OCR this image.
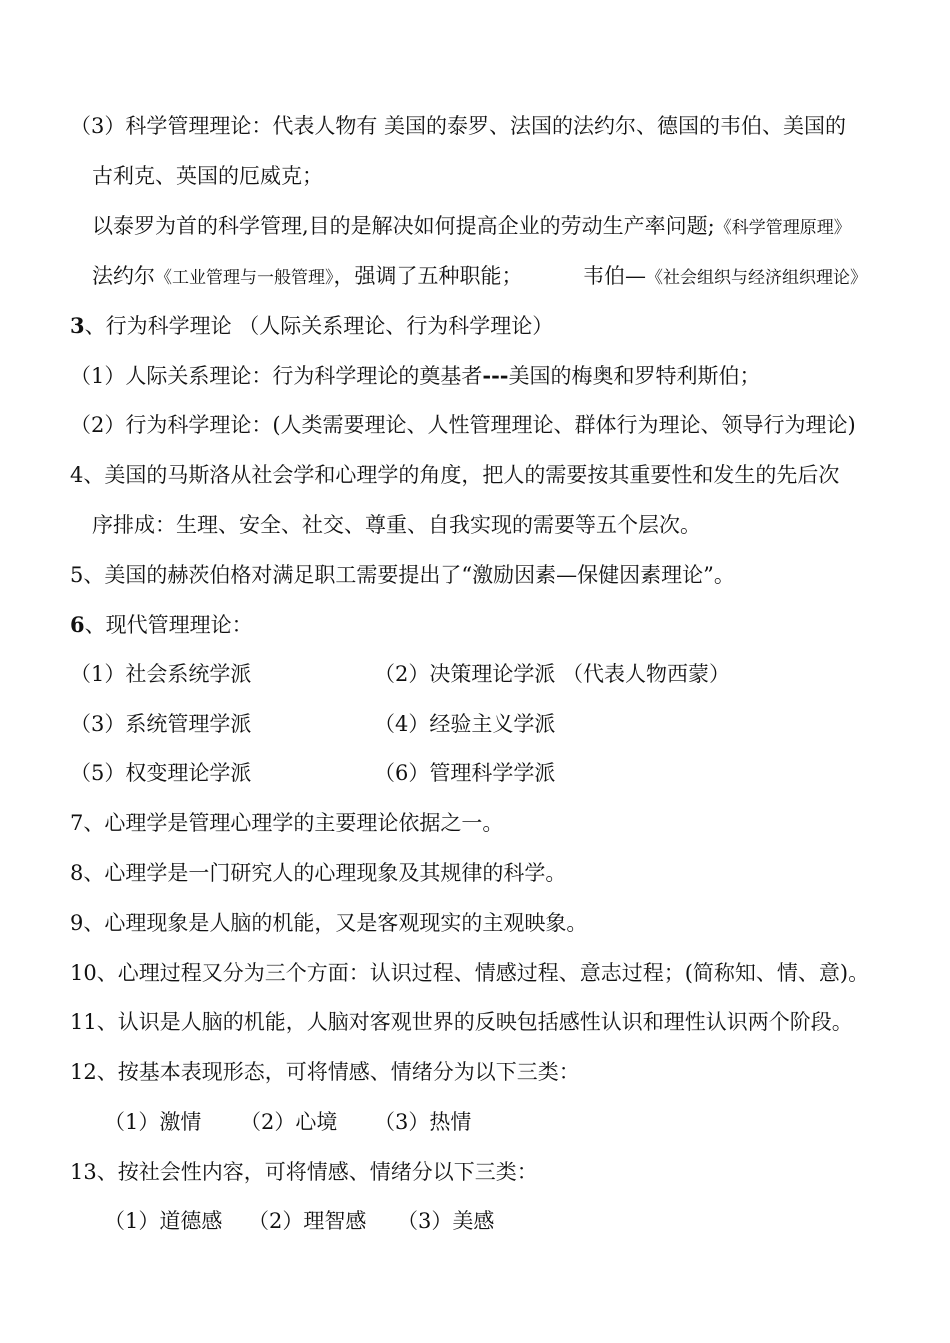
（3）科学管理理论：代表人物有 美国的泰罗、法国的法约尔、德国的韦伯、美国的
古利克、英国的厄威克；
以泰罗为首的科学管理,目的是解决如何提高企业的劳动生产率问题;《科学管理原理》
法约尔《工业管理与一般管理》，强调了五种职能；	韦伯—《社会组织与经济组织理论》
3、行为科学理论 （人际关系理论、行为科学理论）
（1）人际关系理论：行为科学理论的奠基者---美国的梅奥和罗特利斯伯；
（2）行为科学理论：(人类需要理论、人性管理理论、群体行为理论、领导行为理论)
4、美国的马斯洛从社会学和心理学的角度，把人的需要按其重要性和发生的先后次
序排成：生理、安全、社交、尊重、自我实现的需要等五个层次。
5、美国的赫茨伯格对满足职工需要提出了“激励因素—保健因素理论”。
6、现代管理理论：
（1）社会系统学派	（2）决策理论学派 （代表人物西蒙）
（3）系统管理学派	（4）经验主义学派
（5）权变理论学派	（6）管理科学学派
7、心理学是管理心理学的主要理论依据之一。
8、心理学是一门研究人的心理现象及其规律的科学。
9、心理现象是人脑的机能，又是客观现实的主观映象。
10、心理过程又分为三个方面：认识过程、情感过程、意志过程；(简称知、情、意)。
11、认识是人脑的机能，人脑对客观世界的反映包括感性认识和理性认识两个阶段。
12、按基本表现形态，可将情感、情绪分为以下三类：
（1）激情 （2）心境 （3）热情
13、按社会性内容，可将情感、情绪分以下三类：
（1）道德感 （2）理智感 （3）美感
